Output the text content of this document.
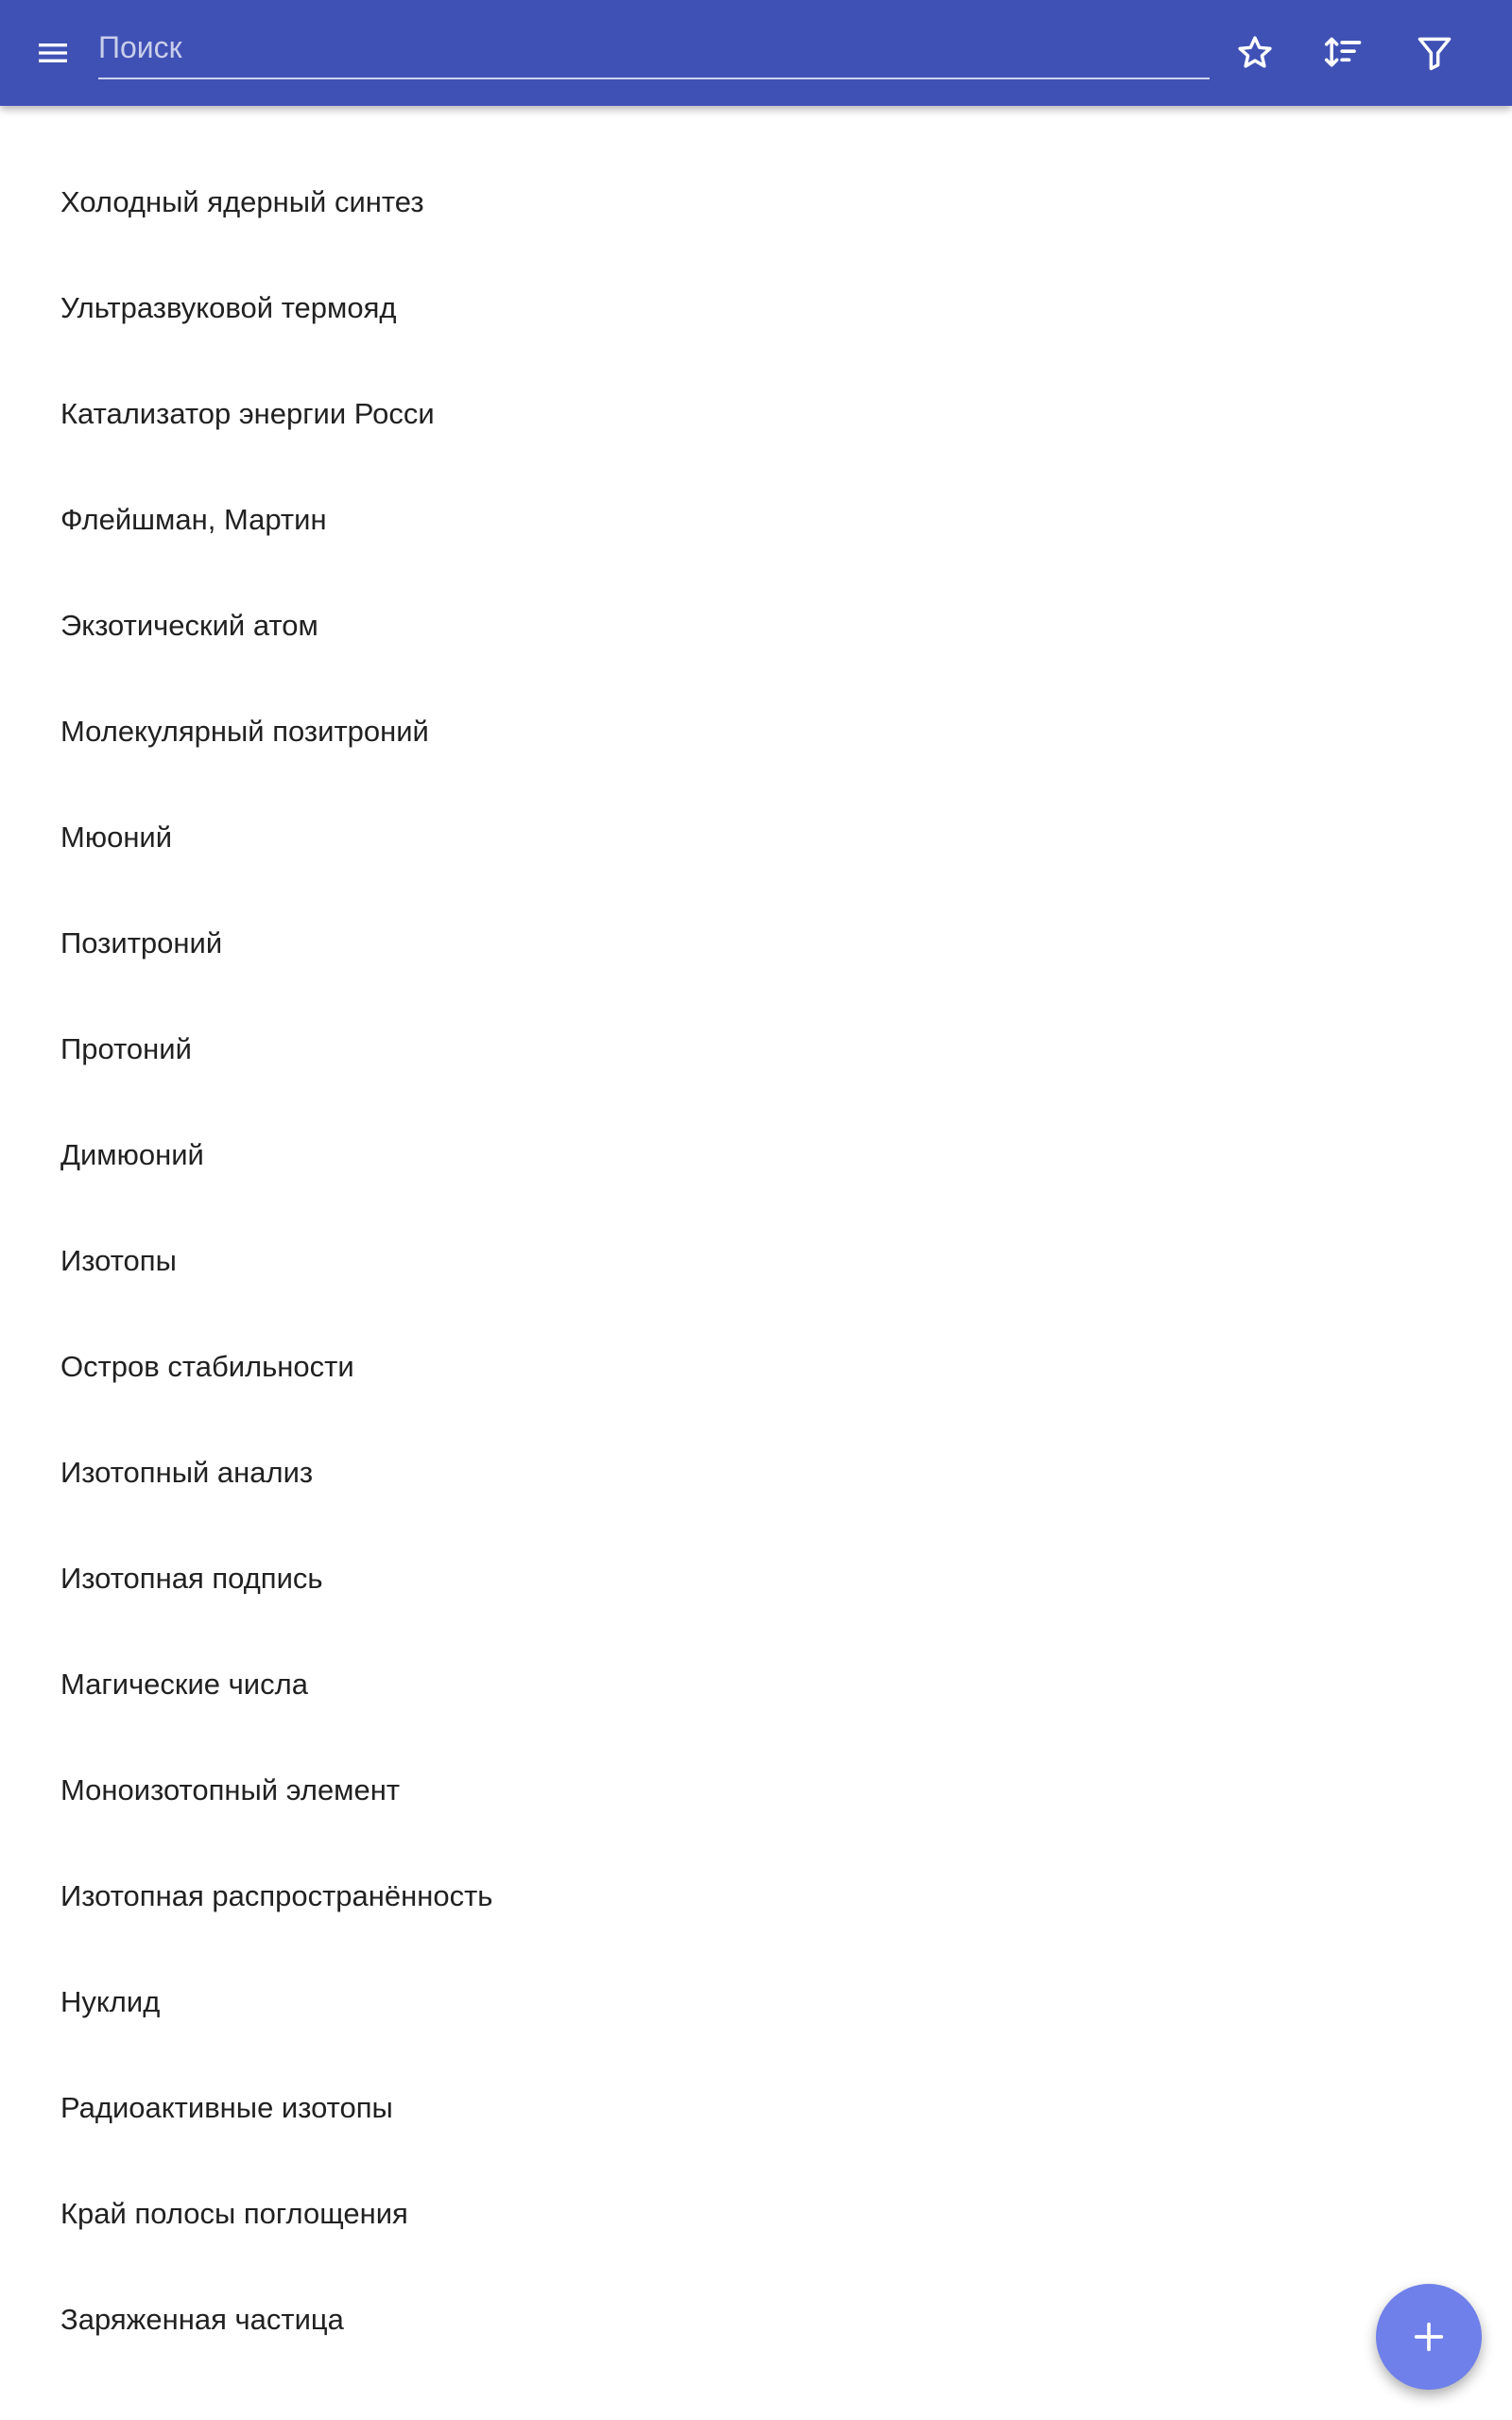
Поиск
Холодный ядерный синтез
Ультразвуковой термояд
Катализатор энергии Росси
Флейшман, Мартин
Экзотический атом
Молекулярный позитроний
Мюоний
Позитроний
Протоний
Димюоний
Изотопы
Остров стабильности
Изотопный анализ
Изотопная подпись
Магические числа
Моноизотопный элемент
Изотопная распространённость
Нуклид
Радиоактивные изотопы
Край полосы поглощения
Заряженная частица
